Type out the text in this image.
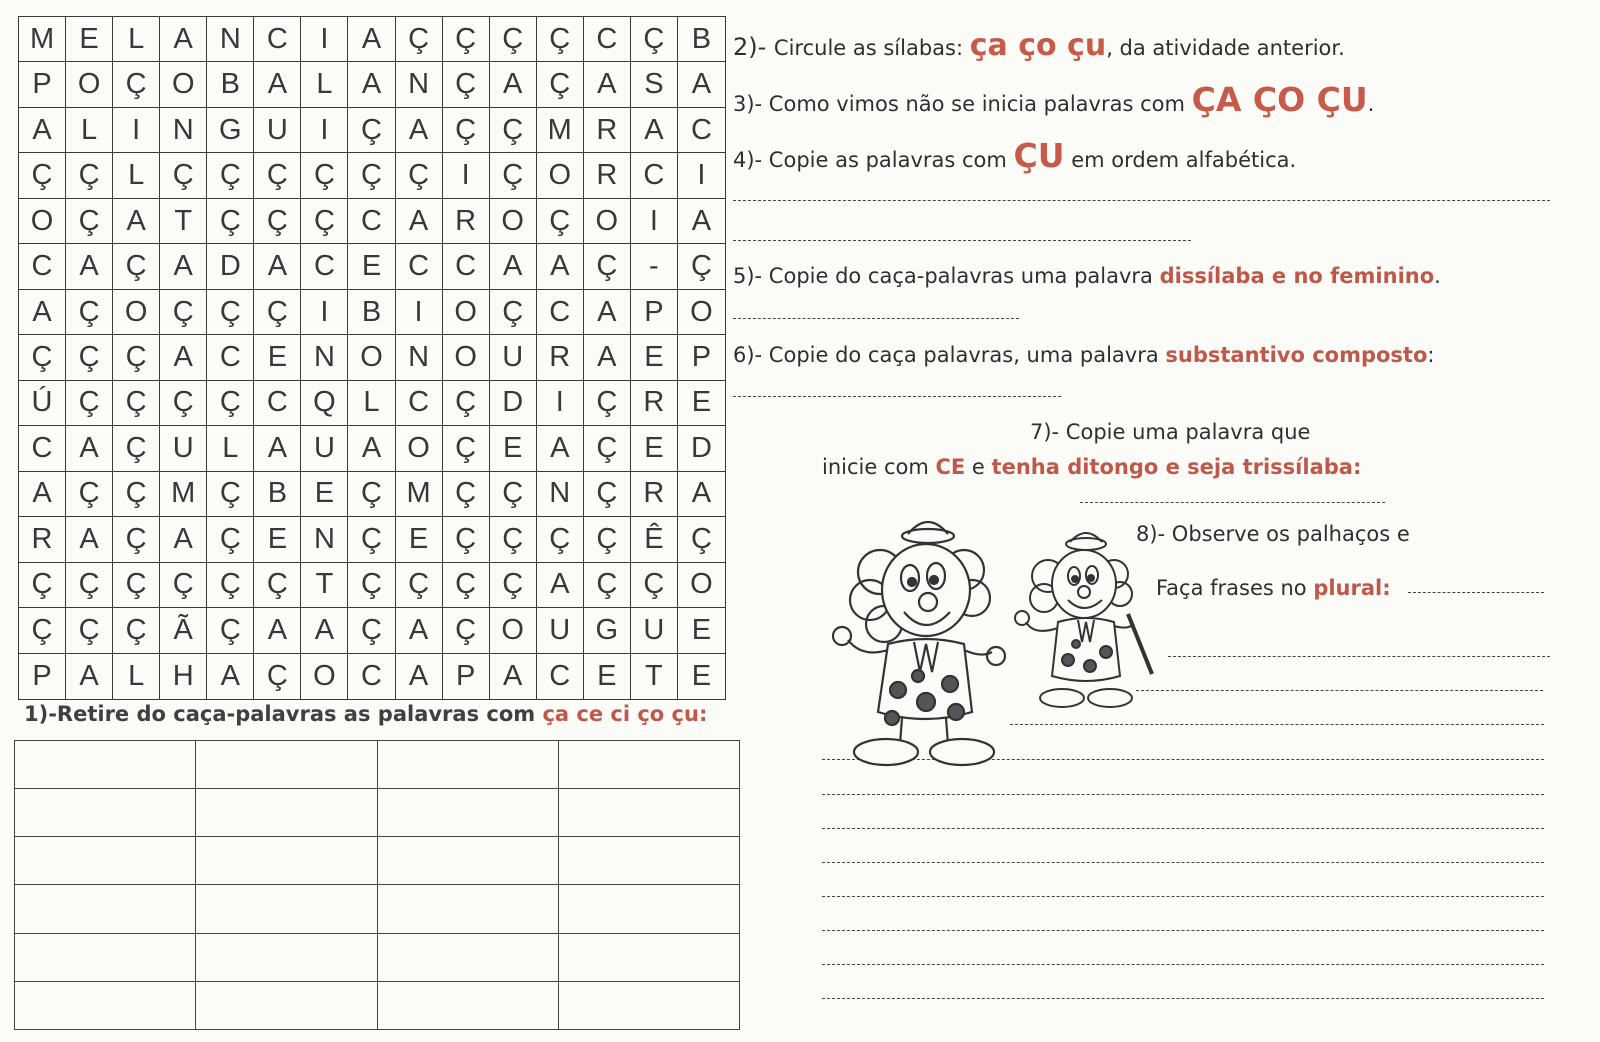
M E	L	A N C	I	A Ç Ç Ç Ç C Ç B
P O Ç O B A	L	A N Ç A Ç A S A
A	L	I	N G U	I	Ç A Ç Ç M R A C
Ç Ç L Ç Ç Ç Ç Ç Ç	I	Ç O R C	I
O Ç A T Ç Ç Ç C A R O Ç O	I	A
C A Ç A D A C E C C A A Ç	-	Ç
A Ç O Ç Ç Ç	I	B	I	O Ç C A P O
Ç Ç Ç A C E N O N O U R A E P
Ú Ç Ç Ç Ç C Q L C Ç D	I	Ç R E
C A Ç U L	A U A O Ç E A Ç E D
A Ç Ç M Ç B E Ç M Ç Ç N Ç R A
R A Ç A Ç E N Ç E Ç Ç Ç Ç Ê Ç
Ç Ç Ç Ç Ç Ç T Ç Ç Ç Ç A Ç Ç O
Ç Ç Ç Ã Ç A A Ç A Ç O U G U E
P A	L H A Ç O C A P A C E T	E
1)-Retire do caça-palavras as palavras com ça ce ci ço çu:

2)- Circule as sílabas: ça ço çu, da atividade anterior.
3)- Como vimos não se inicia palavras com ÇA ÇO ÇU.
4)- Copie as palavras com ÇU em ordem alfabética.
5)- Copie do caça-palavras uma palavra dissílaba e no feminino.
6)- Copie do caça palavras, uma palavra substantivo composto:
7)- Copie uma palavra que
inicie com CE e tenha ditongo e seja trissílaba:
8)- Observe os palhaços e
Faça frases no plural:
